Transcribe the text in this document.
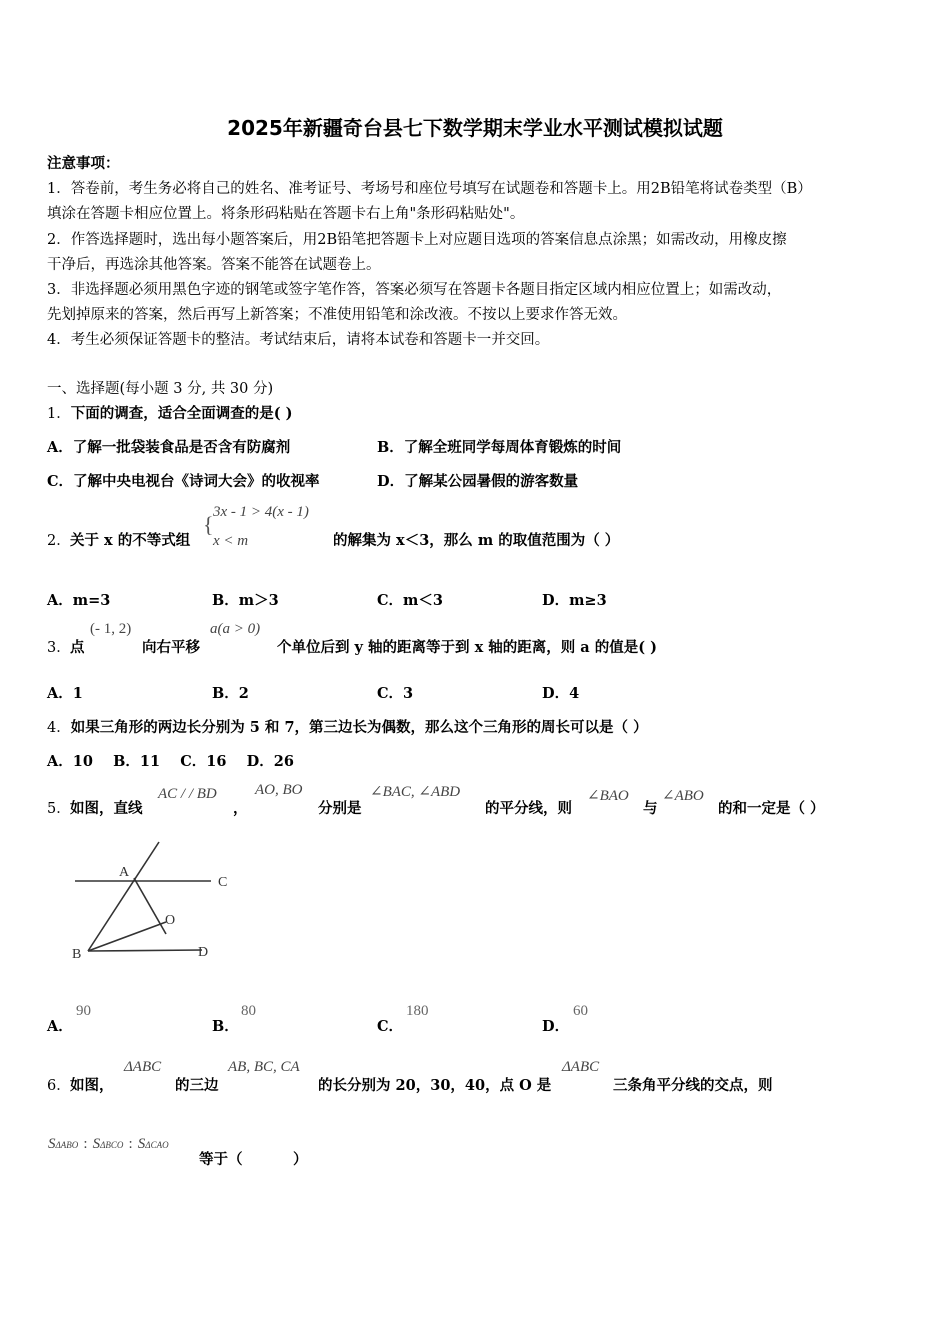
2025年新疆奇台县七下数学期末学业水平测试模拟试题
注意事项：
1．答卷前，考生务必将自己的姓名、准考证号、考场号和座位号填写在试题卷和答题卡上。用2B铅笔将试卷类型（B）
填涂在答题卡相应位置上。将条形码粘贴在答题卡右上角"条形码粘贴处"。
2．作答选择题时，选出每小题答案后，用2B铅笔把答题卡上对应题目选项的答案信息点涂黑；如需改动，用橡皮擦
干净后，再选涂其他答案。答案不能答在试题卷上。
3．非选择题必须用黑色字迹的钢笔或签字笔作答，答案必须写在答题卡各题目指定区域内相应位置上；如需改动，
先划掉原来的答案，然后再写上新答案；不准使用铅笔和涂改液。不按以上要求作答无效。
4．考生必须保证答题卡的整洁。考试结束后，请将本试卷和答题卡一并交回。
一、选择题(每小题 3 分, 共 30 分)
1．下面的调查，适合全面调查的是( )
A．了解一批袋装食品是否含有防腐剂	B．了解全班同学每周体育锻炼的时间
C．了解中央电视台《诗词大会》的收视率	D．了解某公园暑假的游客数量
2． 关于 x 的不等式组
{ 3x - 1 > 4(x - 1)
x < m	的解集为 x＜3，那么 m 的取值范围为（ ）
A．m=3	B．m＞3	C．m＜3	D．m≥3
3． 点
(- 1, 2)
向右平移
a(a > 0)
个单位后到 y 轴的距离等于到 x 轴的距离，则 a 的值是( )
A．1	B．2	C．3	D．4
4．如果三角形的两边长分别为 5 和 7，第三边长为偶数，那么这个三角形的周长可以是（ ）
A．10    B．11    C．16    D．26
5． 如图，直线
AC / / BD
，
AO, BO
分别是
∠BAC, ∠ABD
的平分线，则
∠BAO
与
∠ABO
的和一定是（ ）
A
C
B	D
O
A．
90
B．
80
C．
180
D．
60
6． 如图，
ΔABC
的三边
AB, BC, CA
的长分别为 20，30，40，点 O 是
ΔABC
三条角平分线的交点，则
SΔABO : SΔBCO : SΔCAO
等于（          ）
